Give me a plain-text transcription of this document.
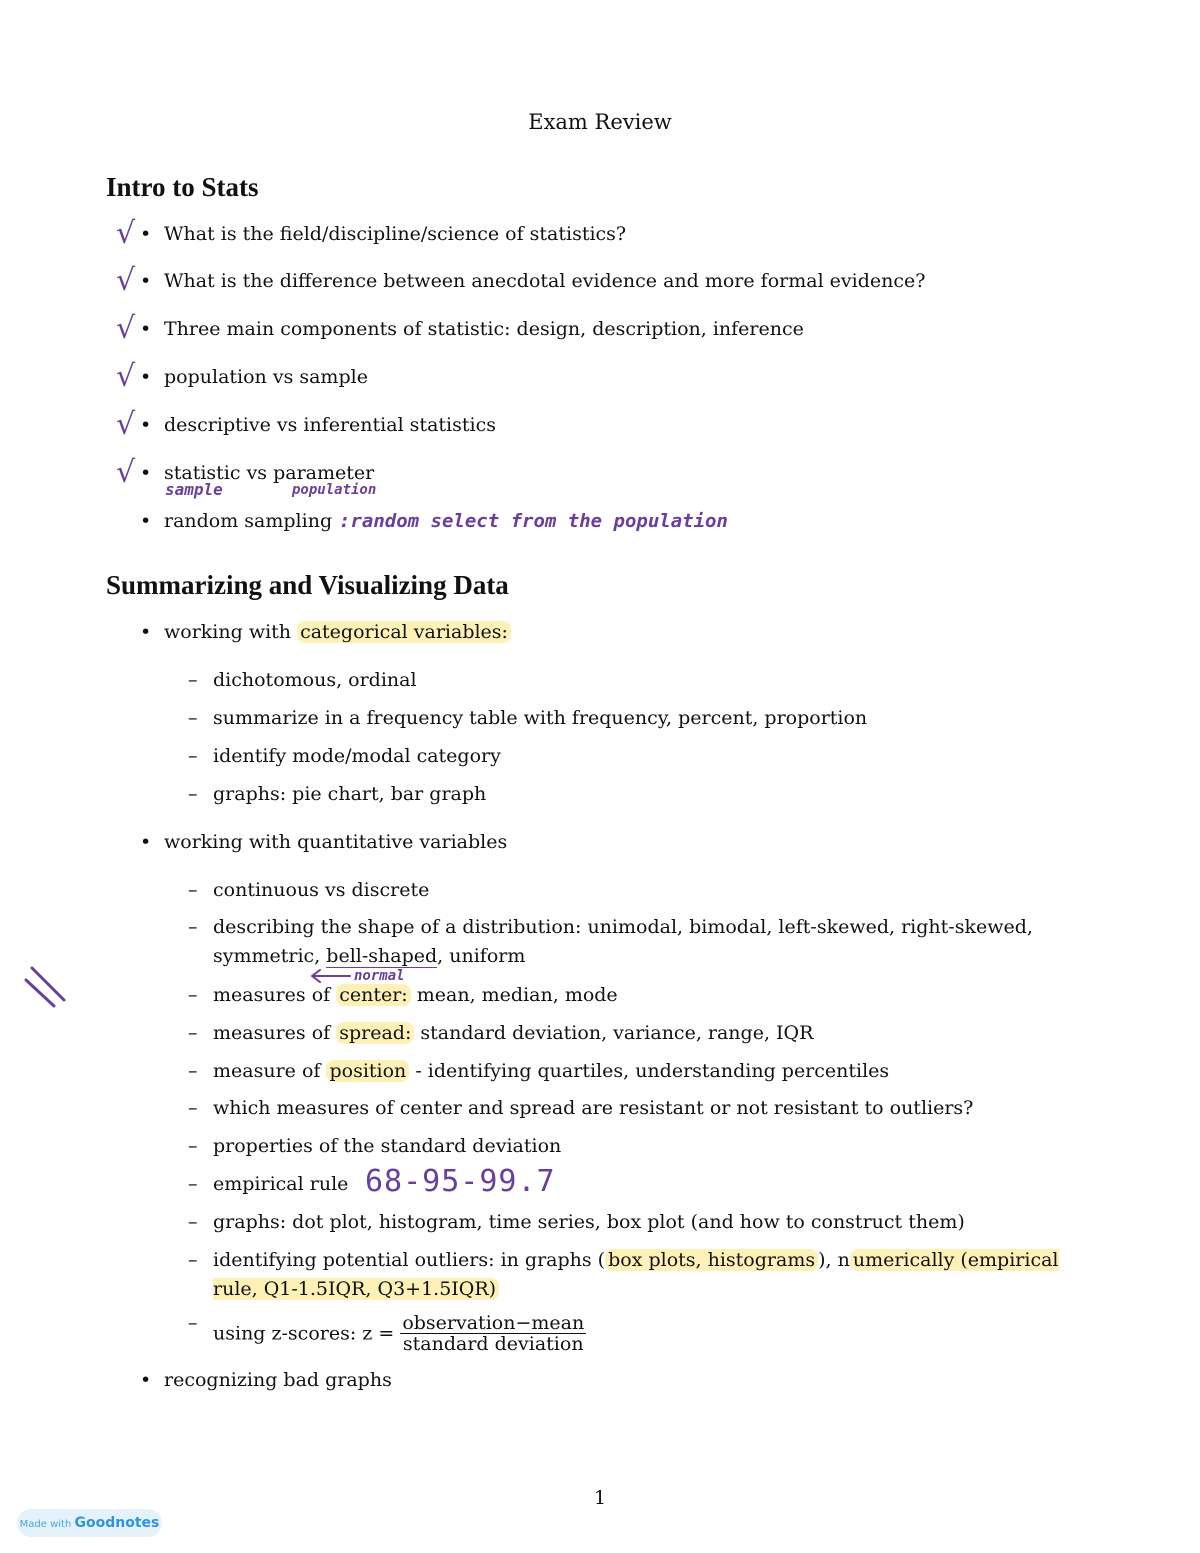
Exam Review
Intro to Stats
√ • What is the field/discipline/science of statistics?
√ • What is the difference between anecdotal evidence and more formal evidence?
√ • Three main components of statistic: design, description, inference
√ • population vs sample
√ • descriptive vs inferential statistics
√ • statistic vs parameter
sample	population
• random sampling :random select from the population
Summarizing and Visualizing Data
• working with categorical variables:
– dichotomous, ordinal
– summarize in a frequency table with frequency, percent, proportion
– identify mode/modal category
– graphs: pie chart, bar graph
• working with quantitative variables
– continuous vs discrete
– describing the shape of a distribution: unimodal, bimodal, left-skewed, right-skewed, symmetric, bell-shaped, uniform
normal
– measures of center: mean, median, mode
– measures of spread: standard deviation, variance, range, IQR
– measure of position - identifying quartiles, understanding percentiles
– which measures of center and spread are resistant or not resistant to outliers?
– properties of the standard deviation
– empirical rule 68-95-99.7
– graphs: dot plot, histogram, time series, box plot (and how to construct them)
– identifying potential outliers: in graphs ( box plots, histograms ), n umerically (empirical rule, Q1-1.5IQR, Q3+1.5IQR)
– using z-scores: $z = \frac{\text{observation−mean}}{\text{standard deviation}}$
• recognizing bad graphs
1
Made with Goodnotes
